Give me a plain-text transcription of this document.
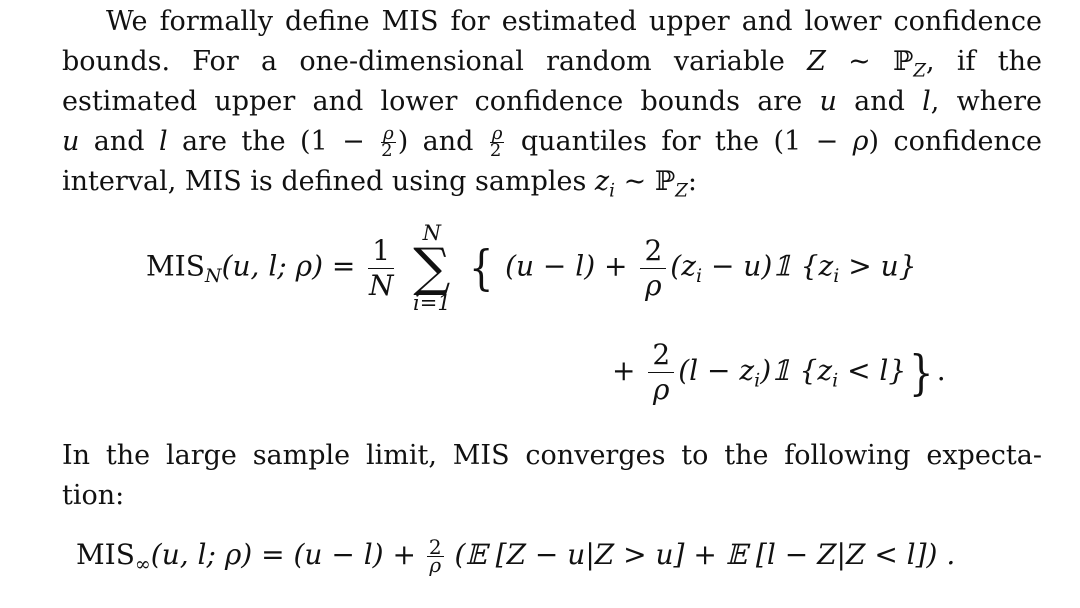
We formally define MIS for estimated upper and lower confidence
bounds. For a one-dimensional random variable Z ~ ℙ$_Z$, if the
estimated upper and lower confidence bounds are u and l, where
u and l are the ($1 - \frac{\rho}{2}$ ) and $\frac{\rho}{2}$ quantiles for the (1 − ρ) confidence
interval, MIS is defined using samples $z_i$ ~ ℙ$_Z$:
$MIS_N(u$, l; $\rho) = \frac{1}{N}$

N
∑
i=1
{ $(u - l) + \frac{2}{\rho} (z_i$ − u)𝟙 $\{z_i > u\}$
+ $\frac{2}{\rho} (l$ − $z_i)𝟙$ $\{z_i < l\}$} .
In the large sample limit, MIS converges to the following expecta-
tion:
$MIS_\infty(u$, l; $\rho) = (u - l) + \frac{2}{\rho}$ (𝔼 [Z − u|Z > u] + 𝔼 [l − Z|Z < l]) .
